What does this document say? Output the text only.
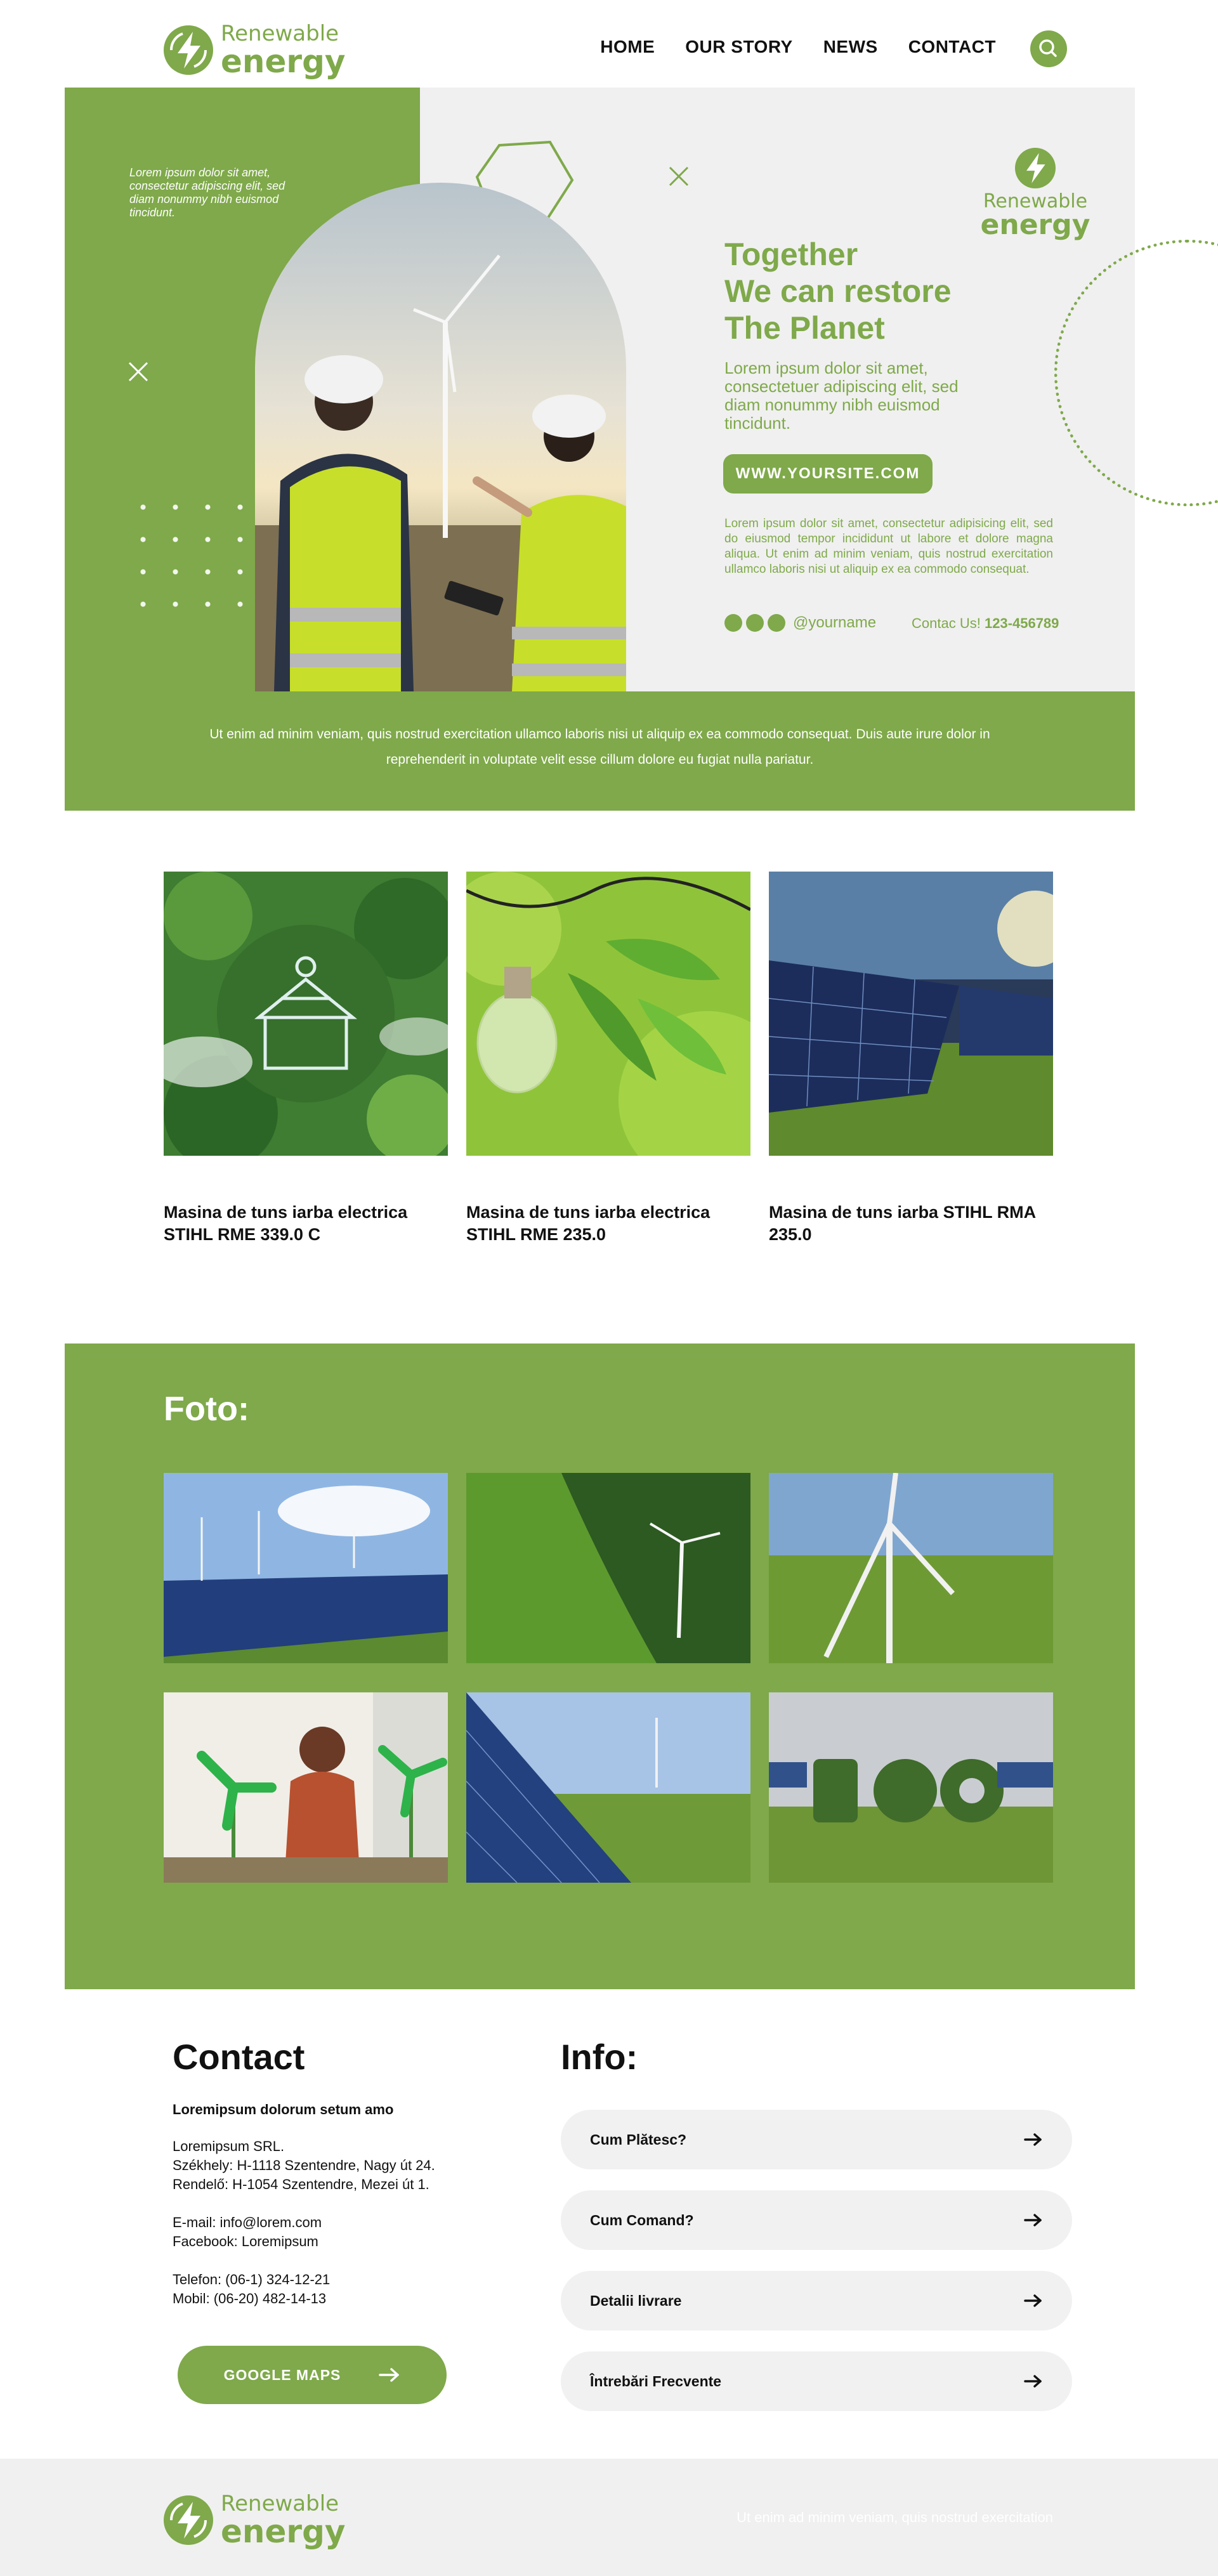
Renewable
energy	HOME OUR STORY NEWS CONTACT
Lorem ipsum dolor sit amet, consectetur adipiscing elit, sed diam nonummy nibh euismod tincidunt.	Renewable
energy
Together
We can restore
The Planet
Lorem ipsum dolor sit amet, consectetuer adipiscing elit, sed diam nonummy nibh euismod tincidunt.
WWW.YOURSITE.COM
Lorem ipsum dolor sit amet, consectetur adipisicing elit, sed do eiusmod tempor incididunt ut labore et dolore magna aliqua. Ut enim ad minim veniam, quis nostrud exercitation ullamco laboris nisi ut aliquip ex ea commodo consequat.
@yourname	Contac Us! 123-456789

Ut enim ad minim veniam, quis nostrud exercitation ullamco laboris nisi ut aliquip ex ea commodo consequat. Duis aute irure dolor in

reprehenderit in voluptate velit esse cillum dolore eu fugiat nulla pariatur.

Masina de tuns iarba electrica
STIHL RME 339.0 C
Masina de tuns iarba electrica
STIHL RME 235.0
Masina de tuns iarba STIHL RMA
235.0
Foto:
Contact
Loremipsum dolorum setum amo
Loremipsum SRL.
Székhely: H-1118 Szentendre, Nagy út 24.
Rendelő: H-1054 Szentendre, Mezei út 1.
E-mail: info@lorem.com
Facebook: Loremipsum
Telefon: (06-1) 324-12-21
Mobil: (06-20) 482-14-13
GOOGLE MAPS
Info:
Cum Plătesc?
Cum Comand?
Detalii livrare
Întrebări Frecvente
Renewable
energy	Ut enim ad minim veniam, quis nostrud exercitation
